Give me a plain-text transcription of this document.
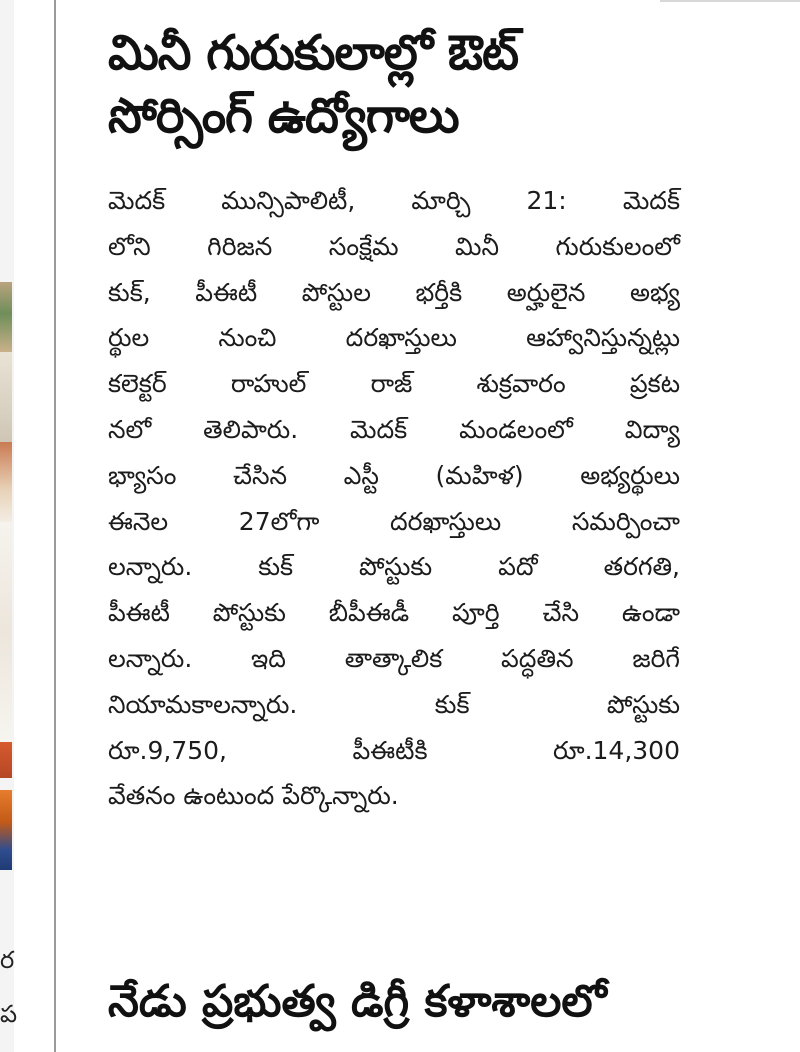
ర
ప
మినీ గురుకులాల్లో ఔట్
సోర్సింగ్ ఉద్యోగాలు
మెదక్ మున్సిపాలిటీ, మార్చి 21: మెదక్
లోని గిరిజన సంక్షేమ మినీ గురుకులంలో
కుక్, పీఈటీ పోస్టుల భర్తీకి అర్హులైన అభ్య
ర్థుల నుంచి దరఖాస్తులు ఆహ్వానిస్తున్నట్లు
కలెక్టర్ రాహుల్ రాజ్ శుక్రవారం ప్రకట
నలో తెలిపారు. మెదక్ మండలంలో విద్యా
భ్యాసం చేసిన ఎస్టీ (మహిళ) అభ్యర్థులు
ఈనెల 27లోగా దరఖాస్తులు సమర్పించా
లన్నారు. కుక్ పోస్టుకు పదో తరగతి,
పీఈటీ పోస్టుకు బీపీఈడీ పూర్తి చేసి ఉండా
లన్నారు. ఇది తాత్కాలిక పద్ధతిన జరిగే
నియామకాలన్నారు. కుక్ పోస్టుకు
రూ.9,750, పీఈటీకి రూ.14,300
వేతనం ఉంటుంద పేర్కొన్నారు.
నేడు ప్రభుత్వ డిగ్రీ కళాశాలలో
